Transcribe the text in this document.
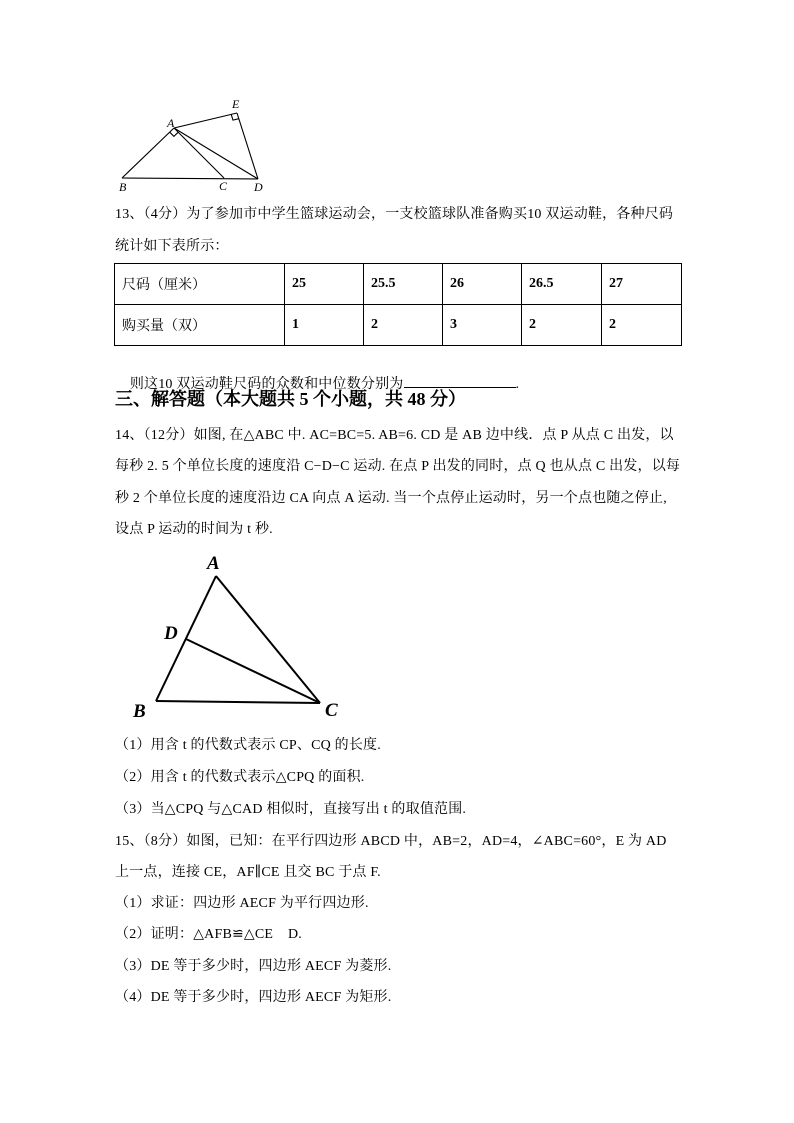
E
A
B	C D
13、（4分）为了参加市中学生篮球运动会，一支校篮球队准备购买10 双运动鞋，各种尺码
统计如下表所示：
尺码（厘米）	25	25.5	26	26.5	27
购买量（双）	1	2	3	2	2

则这10 双运动鞋尺码的众数和中位数分别为	.

三、解答题（本大题共 5 个小题，共 48 分）
14、（12分）如图, 在△ABC 中. AC=BC=5. AB=6. CD 是 AB 边中线．点 P 从点 C 出发，以
每秒 2. 5 个单位长度的速度沿 C−D−C 运动. 在点 P 出发的同时，点 Q 也从点 C 出发，以每
秒 2 个单位长度的速度沿边 CA 向点 A 运动. 当一个点停止运动时，另一个点也随之停止,
设点 P 运动的时间为 t 秒.
A
D
B	C
（1）用含 t 的代数式表示 CP、CQ 的长度.
（2）用含 t 的代数式表示△CPQ 的面积.
（3）当△CPQ 与△CAD 相似时，直接写出 t 的取值范围.
15、（8分）如图，已知：在平行四边形 ABCD 中，AB=2，AD=4，∠ABC=60°，E 为 AD
上一点，连接 CE，AF∥CE 且交 BC 于点 F.
（1）求证：四边形 AECF 为平行四边形.
（2）证明：△AFB≌△CE    D.
（3）DE 等于多少时，四边形 AECF 为菱形.
（4）DE 等于多少时，四边形 AECF 为矩形.
